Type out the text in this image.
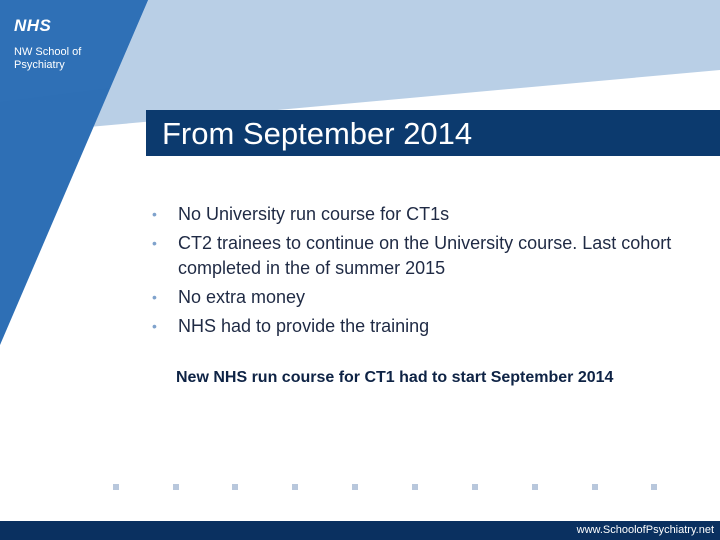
NHS
NW School of Psychiatry
From September 2014
• No University run course for CT1s
• CT2 trainees to continue on the University course. Last cohort completed in the of summer 2015
• No extra money
• NHS had to provide the training
New NHS run course for CT1 had to start September 2014
www.SchoolofPsychiatry.net
